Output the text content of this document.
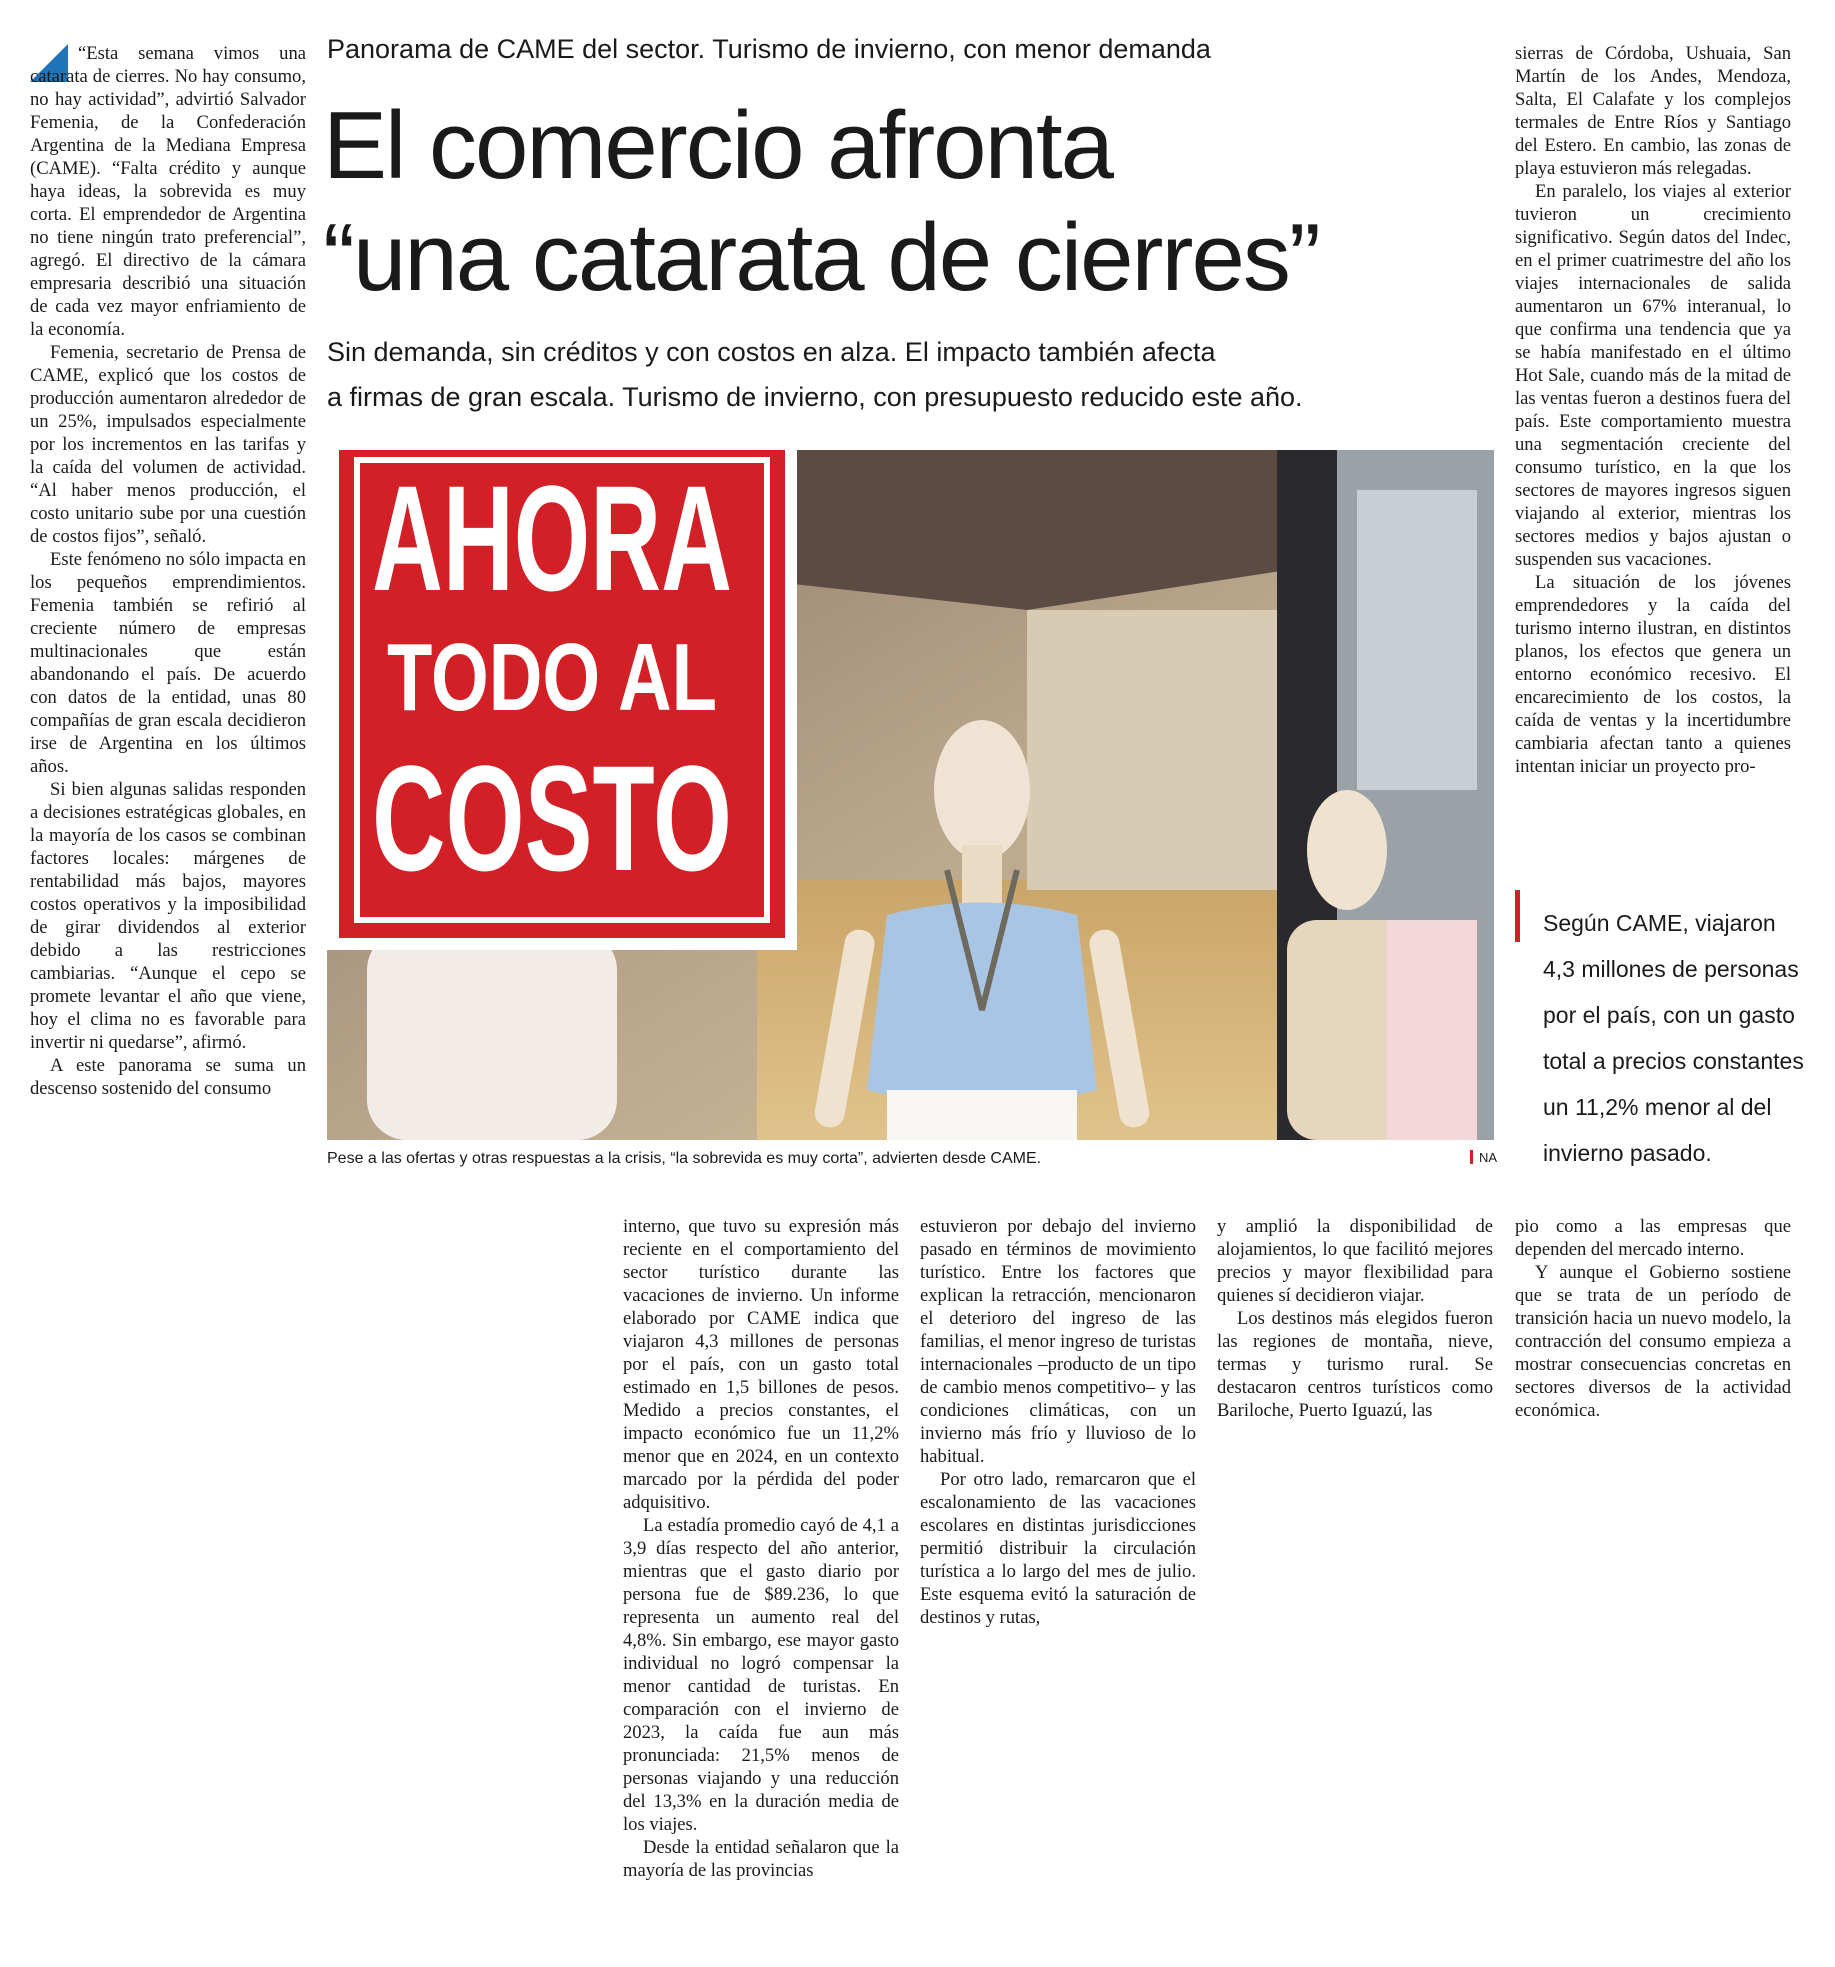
“Esta semana vimos una catarata de cierres. No hay consumo, no hay actividad”, advirtió Salvador Femenia, de la Confederación Argentina de la Mediana Empresa (CAME). “Falta crédito y aunque haya ideas, la sobrevida es muy corta. El emprendedor de Argentina no tiene ningún trato preferencial”, agregó. El directivo de la cámara empresaria describió una situación de cada vez mayor enfriamiento de la economía.

Femenia, secretario de Prensa de CAME, explicó que los costos de producción aumentaron alrededor de un 25%, impulsados especialmente por los incrementos en las tarifas y la caída del volumen de actividad. “Al haber menos producción, el costo unitario sube por una cuestión de costos fijos”, señaló.

Este fenómeno no sólo impacta en los pequeños emprendimientos. Femenia también se refirió al creciente número de empresas multinacionales que están abandonando el país. De acuerdo con datos de la entidad, unas 80 compañías de gran escala decidieron irse de Argentina en los últimos años.

Si bien algunas salidas responden a decisiones estratégicas globales, en la mayoría de los casos se combinan factores locales: márgenes de rentabilidad más bajos, mayores costos operativos y la imposibilidad de girar dividendos al exterior debido a las restricciones cambiarias. “Aunque el cepo se promete levantar el año que viene, hoy el clima no es favorable para invertir ni quedarse”, afirmó.

A este panorama se suma un descenso sostenido del consumo

Panorama de CAME del sector. Turismo de invierno, con menor demanda
El comercio afronta
“una catarata de cierres”
Sin demanda, sin créditos y con costos en alza. El impacto también afecta
a firmas de gran escala. Turismo de invierno, con presupuesto reducido este año.
AHORA
TODO AL
COSTO
Pese a las ofertas y otras respuestas a la crisis, “la sobrevida es muy corta”, advierten desde CAME.	NA

sierras de Córdoba, Ushuaia, San Martín de los Andes, Mendoza, Salta, El Calafate y los complejos termales de Entre Ríos y Santiago del Estero. En cambio, las zonas de playa estuvieron más relegadas.

En paralelo, los viajes al exterior tuvieron un crecimiento significativo. Según datos del Indec, en el primer cuatrimestre del año los viajes internacionales de salida aumentaron un 67% interanual, lo que confirma una tendencia que ya se había manifestado en el último Hot Sale, cuando más de la mitad de las ventas fueron a destinos fuera del país. Este comportamiento muestra una segmentación creciente del consumo turístico, en la que los sectores de mayores ingresos siguen viajando al exterior, mientras los sectores medios y bajos ajustan o suspenden sus vacaciones.

La situación de los jóvenes emprendedores y la caída del turismo interno ilustran, en distintos planos, los efectos que genera un entorno económico recesivo. El encarecimiento de los costos, la caída de ventas y la incertidumbre cambiaria afectan tanto a quienes intentan iniciar un proyecto pro-

Según CAME, viajaron
4,3 millones de personas
por el país, con un gasto
total a precios constantes
un 11,2% menor al del
invierno pasado.

interno, que tuvo su expresión más reciente en el comportamiento del sector turístico durante las vacaciones de invierno. Un informe elaborado por CAME indica que viajaron 4,3 millones de personas por el país, con un gasto total estimado en 1,5 billones de pesos. Medido a precios constantes, el impacto económico fue un 11,2% menor que en 2024, en un contexto marcado por la pérdida del poder adquisitivo.

La estadía promedio cayó de 4,1 a 3,9 días respecto del año anterior, mientras que el gasto diario por persona fue de $89.236, lo que representa un aumento real del 4,8%. Sin embargo, ese mayor gasto individual no logró compensar la menor cantidad de turistas. En comparación con el invierno de 2023, la caída fue aun más pronunciada: 21,5% menos de personas viajando y una reducción del 13,3% en la duración media de los viajes.

Desde la entidad señalaron que la mayoría de las provincias

estuvieron por debajo del invierno pasado en términos de movimiento turístico. Entre los factores que explican la retracción, mencionaron el deterioro del ingreso de las familias, el menor ingreso de turistas internacionales –producto de un tipo de cambio menos competitivo– y las condiciones climáticas, con un invierno más frío y lluvioso de lo habitual.

Por otro lado, remarcaron que el escalonamiento de las vacaciones escolares en distintas jurisdicciones permitió distribuir la circulación turística a lo largo del mes de julio. Este esquema evitó la saturación de destinos y rutas,

y amplió la disponibilidad de alojamientos, lo que facilitó mejores precios y mayor flexibilidad para quienes sí decidieron viajar.

Los destinos más elegidos fueron las regiones de montaña, nieve, termas y turismo rural. Se destacaron centros turísticos como Bariloche, Puerto Iguazú, las

pio como a las empresas que dependen del mercado interno.

Y aunque el Gobierno sostiene que se trata de un período de transición hacia un nuevo modelo, la contracción del consumo empieza a mostrar consecuencias concretas en sectores diversos de la actividad económica.
